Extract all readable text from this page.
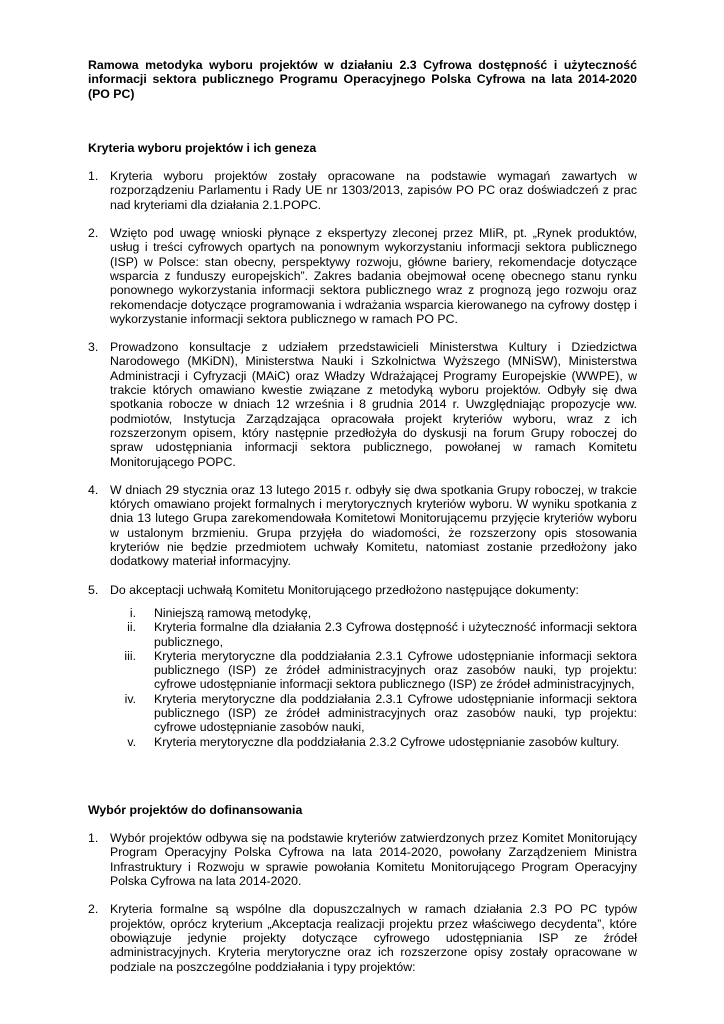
Ramowa metodyka wyboru projektów w działaniu 2.3 Cyfrowa dostępność i użyteczność informacji sektora publicznego Programu Operacyjnego Polska Cyfrowa na lata 2014-2020 (PO PC)

Kryteria wyboru projektów i ich geneza

1. Kryteria wyboru projektów zostały opracowane na podstawie wymagań zawartych w rozporządzeniu Parlamentu i Rady UE nr 1303/2013, zapisów PO PC oraz doświadczeń z prac nad kryteriami dla działania 2.1.POPC.
2. Wzięto pod uwagę wnioski płynące z ekspertyzy zleconej przez MIiR, pt. „Rynek produktów, usług i treści cyfrowych opartych na ponownym wykorzystaniu informacji sektora publicznego (ISP) w Polsce: stan obecny, perspektywy rozwoju, główne bariery, rekomendacje dotyczące wsparcia z funduszy europejskich”. Zakres badania obejmował ocenę obecnego stanu rynku ponownego wykorzystania informacji sektora publicznego wraz z prognozą jego rozwoju oraz rekomendacje dotyczące programowania i wdrażania wsparcia kierowanego na cyfrowy dostęp i wykorzystanie informacji sektora publicznego w ramach PO PC.
3. Prowadzono konsultacje z udziałem przedstawicieli Ministerstwa Kultury i Dziedzictwa Narodowego (MKiDN), Ministerstwa Nauki i Szkolnictwa Wyższego (MNiSW), Ministerstwa Administracji i Cyfryzacji (MAiC) oraz Władzy Wdrażającej Programy Europejskie (WWPE), w trakcie których omawiano kwestie związane z metodyką wyboru projektów. Odbyły się dwa spotkania robocze w dniach 12 września i 8 grudnia 2014 r. Uwzględniając propozycje ww. podmiotów, Instytucja Zarządzająca opracowała projekt kryteriów wyboru, wraz z ich rozszerzonym opisem, który następnie przedłożyła do dyskusji na forum Grupy roboczej do spraw udostępniania informacji sektora publicznego, powołanej w ramach Komitetu Monitorującego POPC.
4. W dniach 29 stycznia oraz 13 lutego 2015 r. odbyły się dwa spotkania Grupy roboczej, w trakcie których omawiano projekt formalnych i merytorycznych kryteriów wyboru. W wyniku spotkania z dnia 13 lutego Grupa zarekomendowała Komitetowi Monitorującemu przyjęcie kryteriów wyboru w ustalonym brzmieniu. Grupa przyjęła do wiadomości, że rozszerzony opis stosowania kryteriów nie będzie przedmiotem uchwały Komitetu, natomiast zostanie przedłożony jako dodatkowy materiał informacyjny.
5. Do akceptacji uchwałą Komitetu Monitorującego przedłożono następujące dokumenty:
i. Niniejszą ramową metodykę,
ii. Kryteria formalne dla działania 2.3 Cyfrowa dostępność i użyteczność informacji sektora publicznego,
iii. Kryteria merytoryczne dla poddziałania 2.3.1 Cyfrowe udostępnianie informacji sektora publicznego (ISP) ze źródeł administracyjnych oraz zasobów nauki, typ projektu: cyfrowe udostępnianie informacji sektora publicznego (ISP) ze źródeł administracyjnych,
iv. Kryteria merytoryczne dla poddziałania 2.3.1 Cyfrowe udostępnianie informacji sektora publicznego (ISP) ze źródeł administracyjnych oraz zasobów nauki, typ projektu: cyfrowe udostępnianie zasobów nauki,
v. Kryteria merytoryczne dla poddziałania 2.3.2 Cyfrowe udostępnianie zasobów kultury.

Wybór projektów do dofinansowania

1. Wybór projektów odbywa się na podstawie kryteriów zatwierdzonych przez Komitet Monitorujący Program Operacyjny Polska Cyfrowa na lata 2014-2020, powołany Zarządzeniem Ministra Infrastruktury i Rozwoju w sprawie powołania Komitetu Monitorującego Program Operacyjny Polska Cyfrowa na lata 2014-2020.
2. Kryteria formalne są wspólne dla dopuszczalnych w ramach działania 2.3 PO PC typów projektów, oprócz kryterium „Akceptacja realizacji projektu przez właściwego decydenta”, które obowiązuje jedynie projekty dotyczące cyfrowego udostępniania ISP ze źródeł administracyjnych. Kryteria merytoryczne oraz ich rozszerzone opisy zostały opracowane w podziale na poszczególne poddziałania i typy projektów:
